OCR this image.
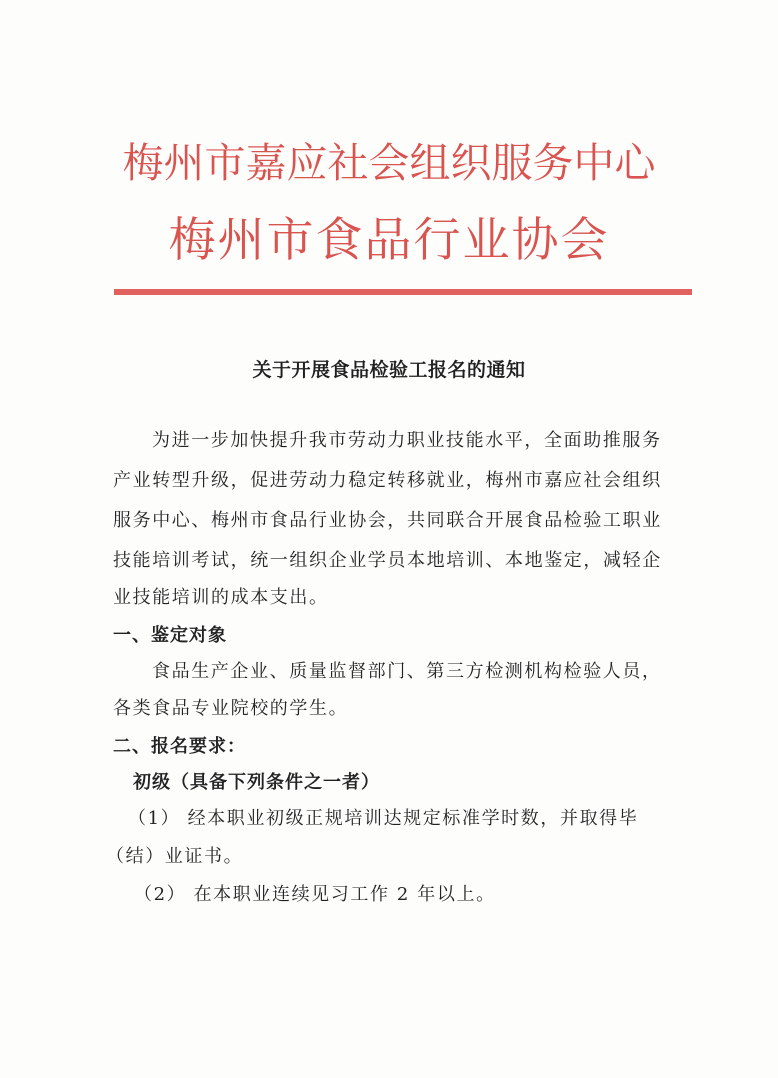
梅州市嘉应社会组织服务中心
梅州市食品行业协会
关于开展食品检验工报名的通知
为进一步加快提升我市劳动力职业技能水平，全面助推服务
产业转型升级，促进劳动力稳定转移就业，梅州市嘉应社会组织
服务中心、梅州市食品行业协会，共同联合开展食品检验工职业
技能培训考试，统一组织企业学员本地培训、本地鉴定，减轻企
业技能培训的成本支出。
一、鉴定对象
食品生产企业、质量监督部门、第三方检测机构检验人员，
各类食品专业院校的学生。
二、报名要求：
初级（具备下列条件之一者）
（1） 经本职业初级正规培训达规定标准学时数，并取得毕
（结）业证书。
（2） 在本职业连续见习工作 2 年以上。
